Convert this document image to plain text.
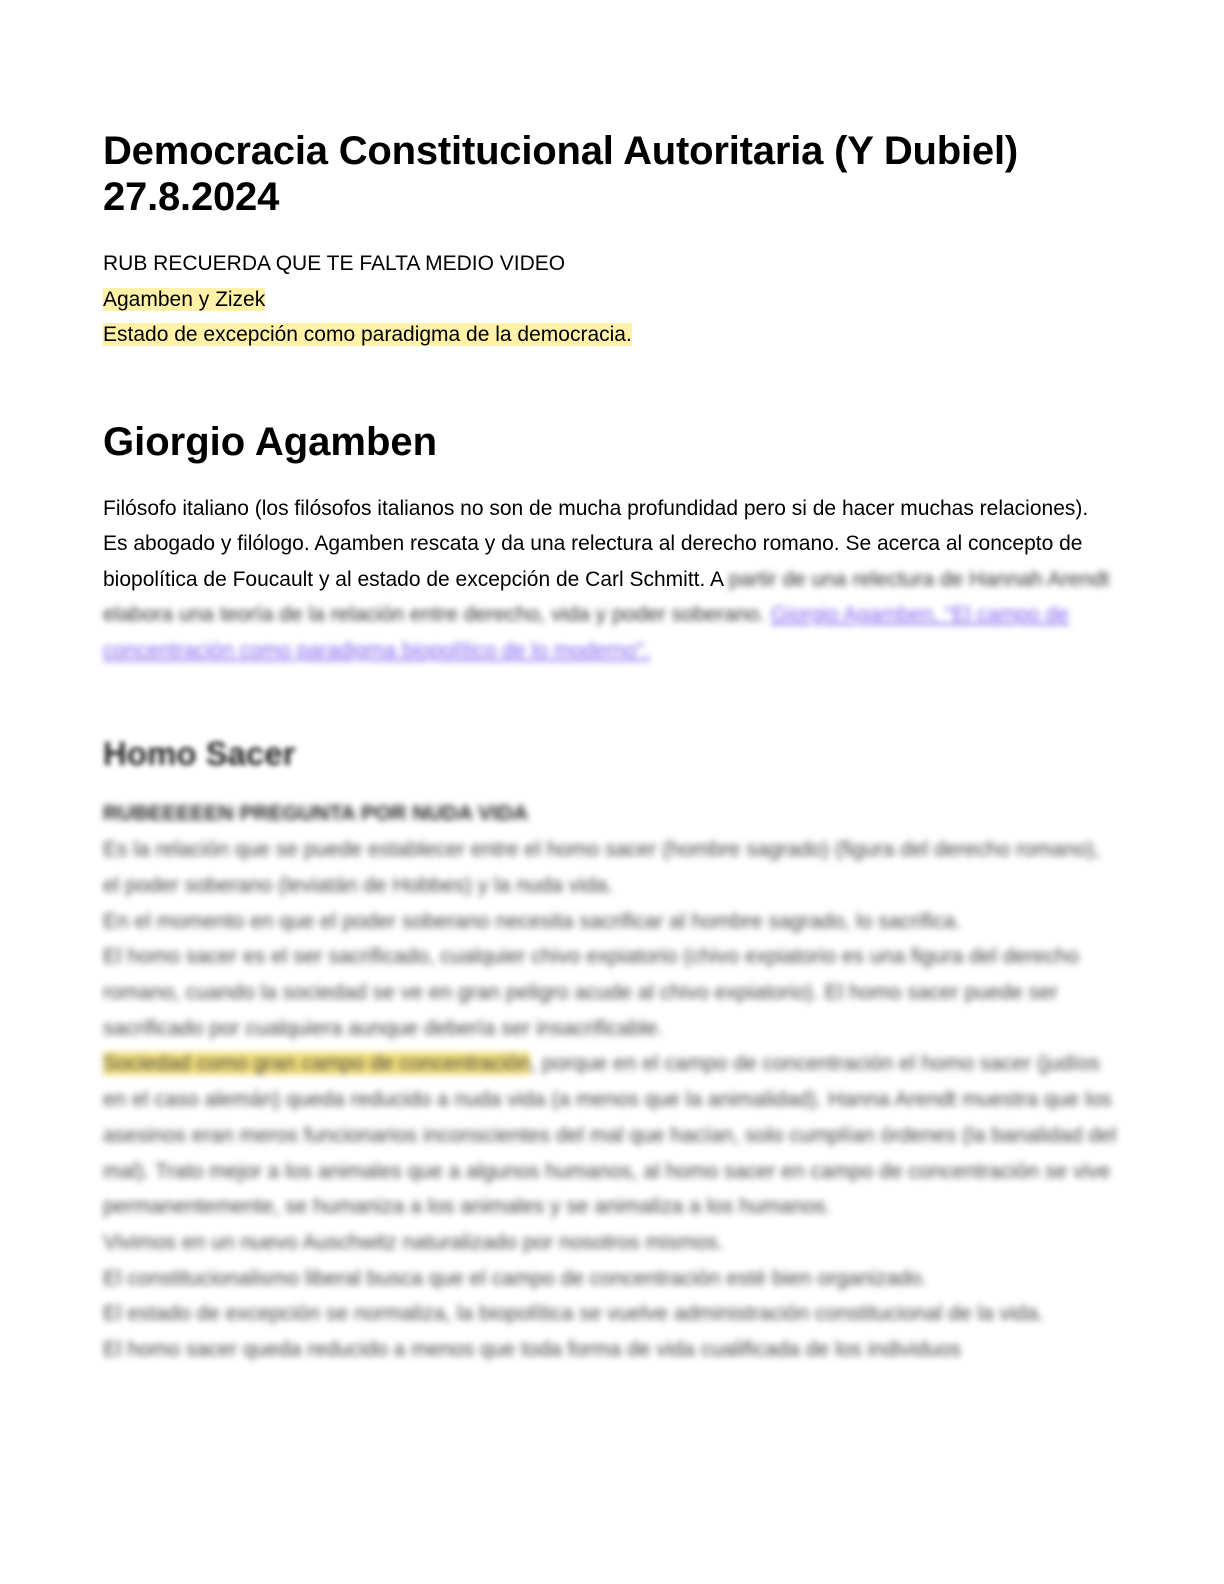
Democracia Constitucional Autoritaria (Y Dubiel)
27.8.2024
RUB RECUERDA QUE TE FALTA MEDIO VIDEO
Agamben y Zizek
Estado de excepción como paradigma de la democracia.
Giorgio Agamben
Filósofo italiano (los filósofos italianos no son de mucha profundidad pero si de hacer muchas relaciones). Es abogado y filólogo. Agamben rescata y da una relectura al derecho romano. Se acerca al concepto de biopolítica de Foucault y al estado de excepción de Carl Schmitt. A partir de una relectura de Hannah Arendt elabora una teoría de la relación entre derecho, vida y poder soberano. Giorgio Agamben. "El campo de concentración como paradigma biopolítico de lo moderno".
Homo Sacer
RUBEEEEEN PREGUNTA POR NUDA VIDA
Es la relación que se puede establecer entre el homo sacer (hombre sagrado) (figura del derecho romano), el poder soberano (leviatán de Hobbes) y la nuda vida.
En el momento en que el poder soberano necesita sacrificar al hombre sagrado, lo sacrifica.
El homo sacer es el ser sacrificado, cualquier chivo expiatorio (chivo expiatorio es una figura del derecho romano, cuando la sociedad se ve en gran peligro acude al chivo expiatorio). El homo sacer puede ser sacrificado por cualquiera aunque debería ser insacrificable.
Sociedad como gran campo de concentración, porque en el campo de concentración el homo sacer (judíos en el caso alemán) queda reducido a nuda vida (a menos que la animalidad). Hanna Arendt muestra que los asesinos eran meros funcionarios inconscientes del mal que hacían, solo cumplían órdenes (la banalidad del mal). Trato mejor a los animales que a algunos humanos, al homo sacer en campo de concentración se vive permanentemente, se humaniza a los animales y se animaliza a los humanos.
Vivimos en un nuevo Auschwitz naturalizado por nosotros mismos.
El constitucionalismo liberal busca que el campo de concentración esté bien organizado.
El estado de excepción se normaliza, la biopolítica se vuelve administración constitucional de la vida.
El homo sacer queda reducido a menos que toda forma de vida cualificada de los individuos
